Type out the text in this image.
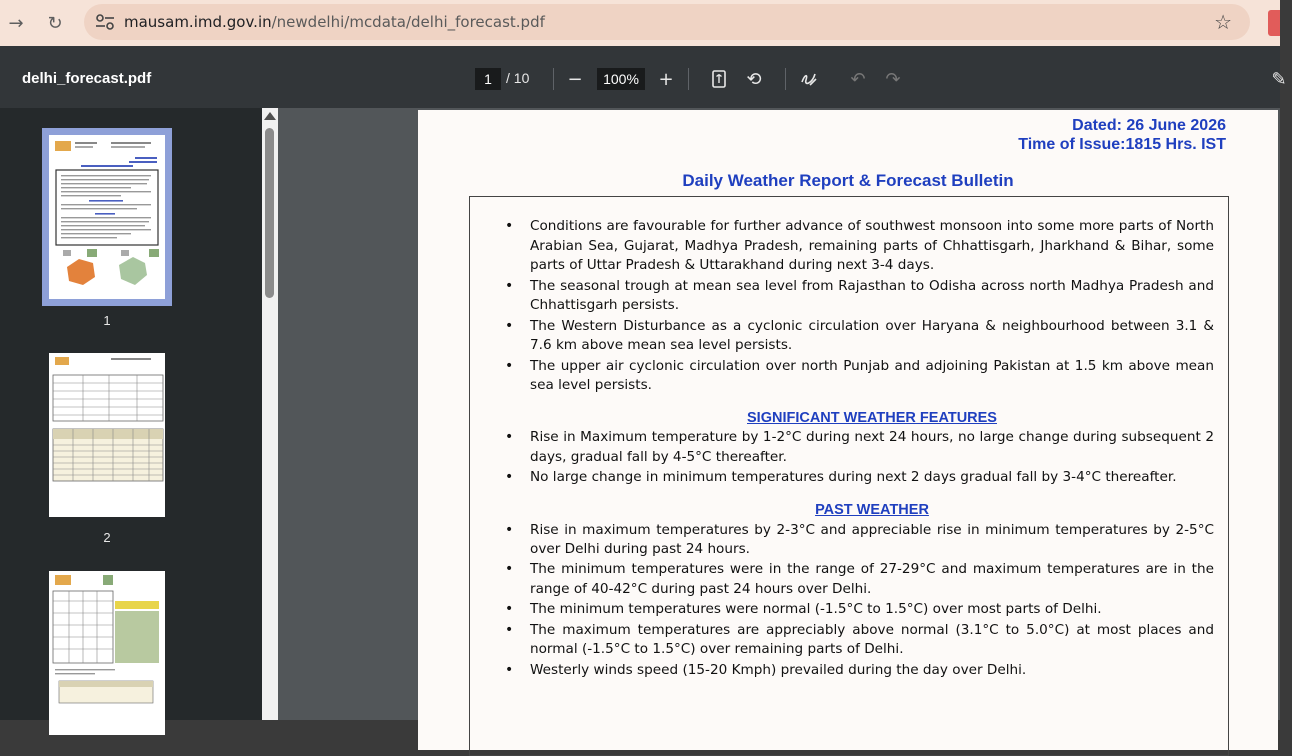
→	↻	mausam.imd.gov.in/newdelhi/mcdata/delhi_forecast.pdf	☆
delhi_forecast.pdf	1	/ 10	−	100%	+	⟲	↶	↷	✎
1
2
Dated: 26 June 2026
Time of Issue:1815 Hrs. IST
Daily Weather Report & Forecast Bulletin
• Conditions are favourable for further advance of southwest monsoon into some more parts of North Arabian Sea, Gujarat, Madhya Pradesh, remaining parts of Chhattisgarh, Jharkhand & Bihar, some parts of Uttar Pradesh & Uttarakhand during next 3-4 days.
• The seasonal trough at mean sea level from Rajasthan to Odisha across north Madhya Pradesh and Chhattisgarh persists.
• The Western Disturbance as a cyclonic circulation over Haryana & neighbourhood between 3.1 & 7.6 km above mean sea level persists.
• The upper air cyclonic circulation over north Punjab and adjoining Pakistan at 1.5 km above mean sea level persists.
SIGNIFICANT WEATHER FEATURES
• Rise in Maximum temperature by 1-2°C during next 24 hours, no large change during subsequent 2 days, gradual fall by 4-5°C thereafter.
• No large change in minimum temperatures during next 2 days gradual fall by 3-4°C thereafter.
PAST WEATHER
• Rise in maximum temperatures by 2-3°C and appreciable rise in minimum temperatures by 2-5°C over Delhi during past 24 hours.
• The minimum temperatures were in the range of 27-29°C and maximum temperatures are in the range of 40-42°C during past 24 hours over Delhi.
• The minimum temperatures were normal (-1.5°C to 1.5°C) over most parts of Delhi.
• The maximum temperatures are appreciably above normal (3.1°C to 5.0°C) at most places and normal (-1.5°C to 1.5°C) over remaining parts of Delhi.
• Westerly winds speed (15-20 Kmph) prevailed during the day over Delhi.
